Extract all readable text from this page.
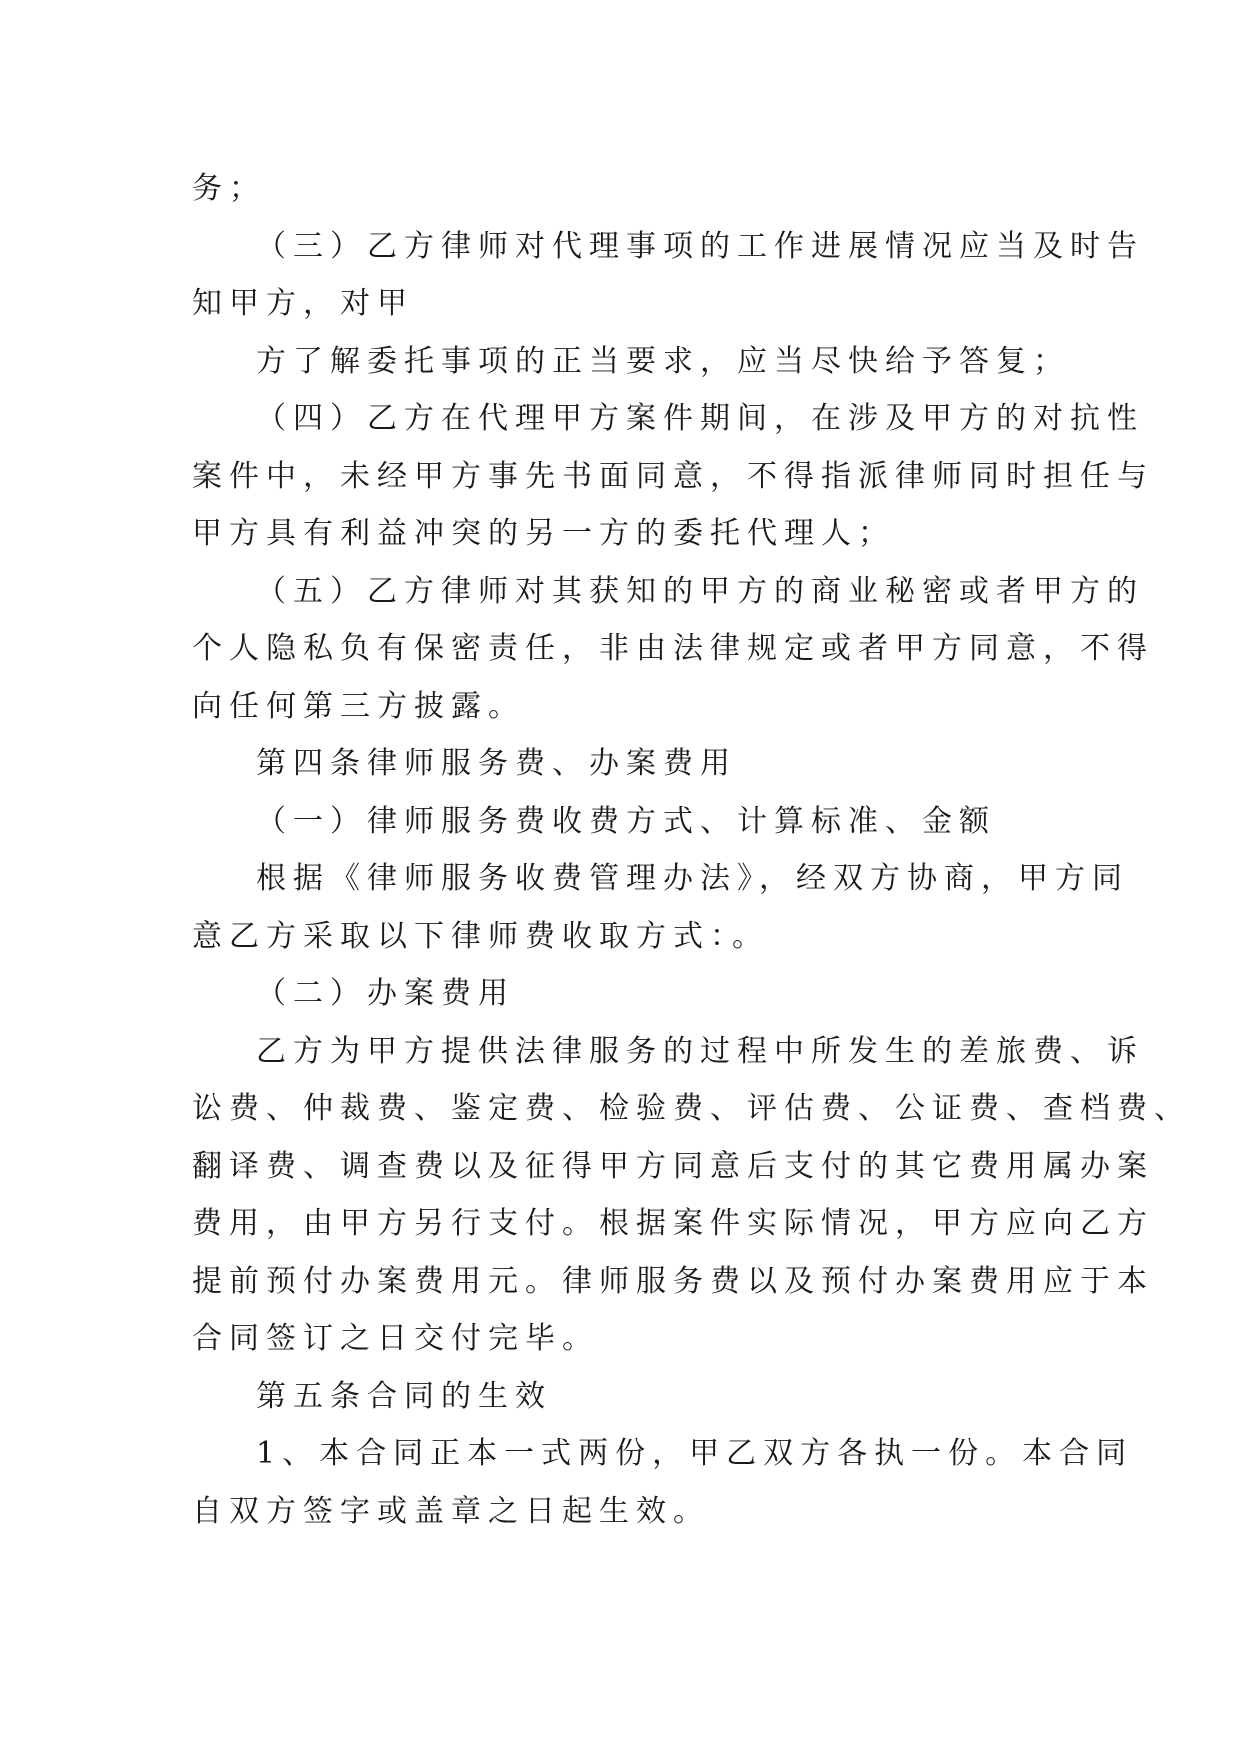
务；

（三）乙方律师对代理事项的工作进展情况应当及时告

知甲方，对甲

方了解委托事项的正当要求，应当尽快给予答复；

（四）乙方在代理甲方案件期间，在涉及甲方的对抗性

案件中，未经甲方事先书面同意，不得指派律师同时担任与

甲方具有利益冲突的另一方的委托代理人；

（五）乙方律师对其获知的甲方的商业秘密或者甲方的

个人隐私负有保密责任，非由法律规定或者甲方同意，不得

向任何第三方披露。

第四条律师服务费、办案费用

（一）律师服务费收费方式、计算标准、金额

根据《律师服务收费管理办法》，经双方协商，甲方同

意乙方采取以下律师费收取方式：。

（二）办案费用

乙方为甲方提供法律服务的过程中所发生的差旅费、诉

讼费、仲裁费、鉴定费、检验费、评估费、公证费、查档费、

翻译费、调查费以及征得甲方同意后支付的其它费用属办案

费用，由甲方另行支付。根据案件实际情况，甲方应向乙方

提前预付办案费用元。律师服务费以及预付办案费用应于本

合同签订之日交付完毕。

第五条合同的生效

1、本合同正本一式两份，甲乙双方各执一份。本合同

自双方签字或盖章之日起生效。
